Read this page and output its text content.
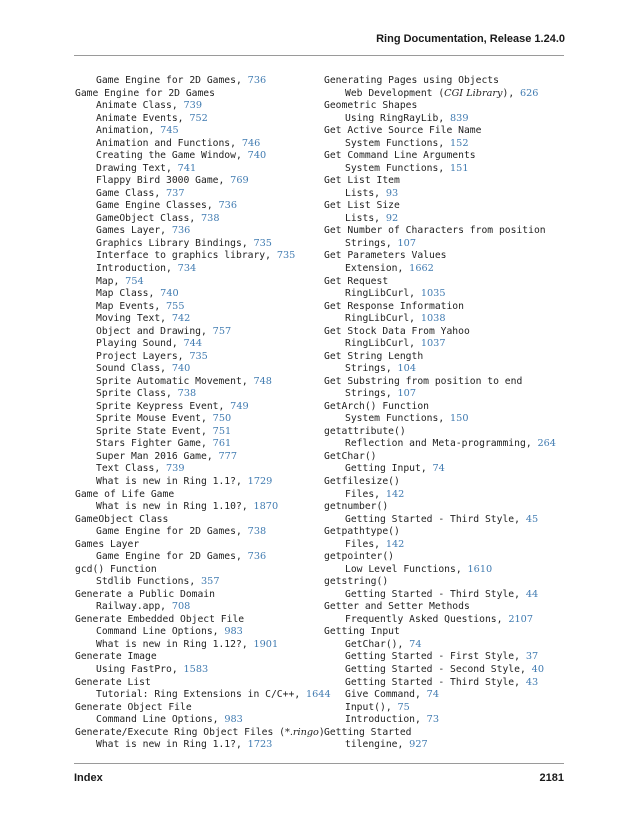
Ring Documentation, Release 1.24.0
Game Engine for 2D Games, 736
Game Engine for 2D Games
Animate Class, 739
Animate Events, 752
Animation, 745
Animation and Functions, 746
Creating the Game Window, 740
Drawing Text, 741
Flappy Bird 3000 Game, 769
Game Class, 737
Game Engine Classes, 736
GameObject Class, 738
Games Layer, 736
Graphics Library Bindings, 735
Interface to graphics library, 735
Introduction, 734
Map, 754
Map Class, 740
Map Events, 755
Moving Text, 742
Object and Drawing, 757
Playing Sound, 744
Project Layers, 735
Sound Class, 740
Sprite Automatic Movement, 748
Sprite Class, 738
Sprite Keypress Event, 749
Sprite Mouse Event, 750
Sprite State Event, 751
Stars Fighter Game, 761
Super Man 2016 Game, 777
Text Class, 739
What is new in Ring 1.1?, 1729
Game of Life Game
What is new in Ring 1.10?, 1870
GameObject Class
Game Engine for 2D Games, 738
Games Layer
Game Engine for 2D Games, 736
gcd() Function
Stdlib Functions, 357
Generate a Public Domain
Railway.app, 708
Generate Embedded Object File
Command Line Options, 983
What is new in Ring 1.12?, 1901
Generate Image
Using FastPro, 1583
Generate List
Tutorial: Ring Extensions in C/C++, 1644
Generate Object File
Command Line Options, 983
Generate/Execute Ring Object Files (*.ringo)
What is new in Ring 1.1?, 1723
Generating Pages using Objects
Web Development (CGI Library), 626
Geometric Shapes
Using RingRayLib, 839
Get Active Source File Name
System Functions, 152
Get Command Line Arguments
System Functions, 151
Get List Item
Lists, 93
Get List Size
Lists, 92
Get Number of Characters from position
Strings, 107
Get Parameters Values
Extension, 1662
Get Request
RingLibCurl, 1035
Get Response Information
RingLibCurl, 1038
Get Stock Data From Yahoo
RingLibCurl, 1037
Get String Length
Strings, 104
Get Substring from position to end
Strings, 107
GetArch() Function
System Functions, 150
getattribute()
Reflection and Meta-programming, 264
GetChar()
Getting Input, 74
Getfilesize()
Files, 142
getnumber()
Getting Started - Third Style, 45
Getpathtype()
Files, 142
getpointer()
Low Level Functions, 1610
getstring()
Getting Started - Third Style, 44
Getter and Setter Methods
Frequently Asked Questions, 2107
Getting Input
GetChar(), 74
Getting Started - First Style, 37
Getting Started - Second Style, 40
Getting Started - Third Style, 43
Give Command, 74
Input(), 75
Introduction, 73
Getting Started
tilengine, 927
Index	2181
